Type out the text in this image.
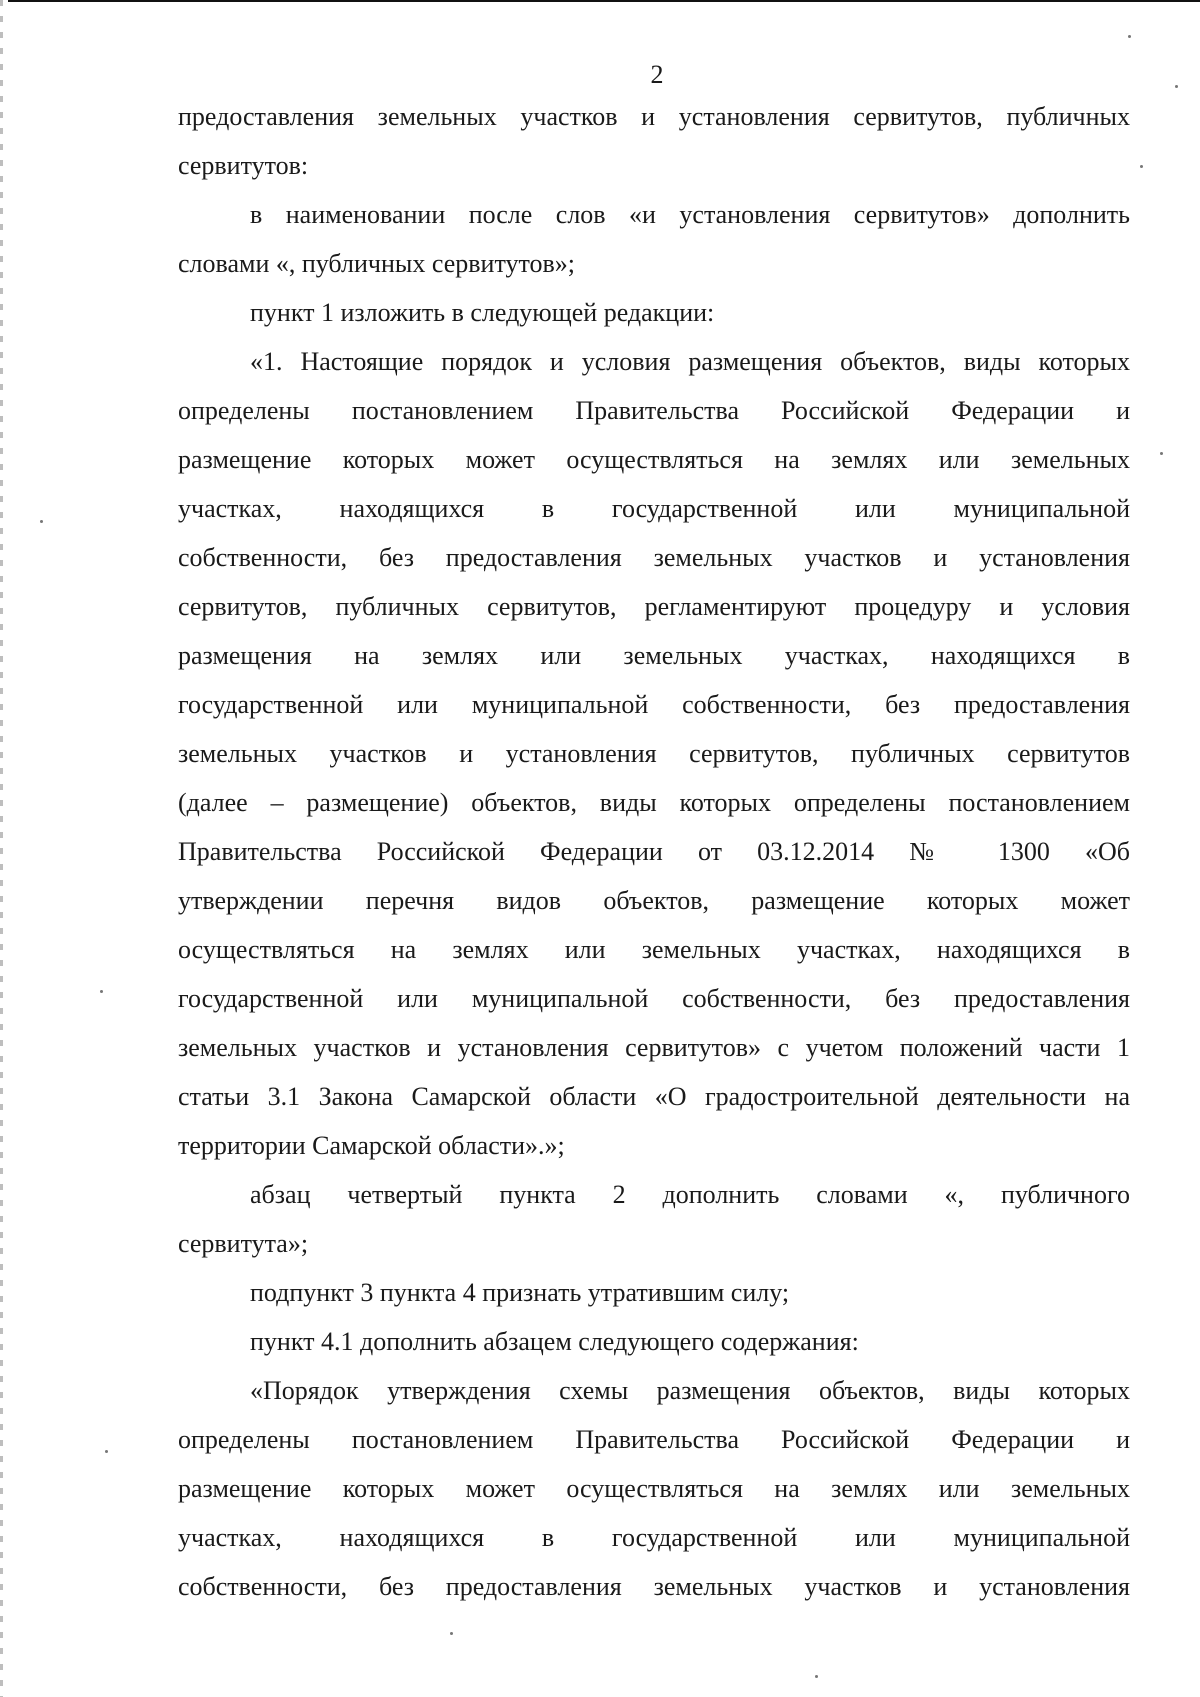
2
предоставления земельных участков и установления сервитутов, публичных
сервитутов:
в наименовании после слов «и установления сервитутов» дополнить
словами «, публичных сервитутов»;
пункт 1 изложить в следующей редакции:
«1. Настоящие порядок и условия размещения объектов, виды которых
определены постановлением Правительства Российской Федерации и
размещение которых может осуществляться на землях или земельных
участках, находящихся в государственной или муниципальной
собственности, без предоставления земельных участков и установления
сервитутов, публичных сервитутов, регламентируют процедуру и условия
размещения на землях или земельных участках, находящихся в
государственной или муниципальной собственности, без предоставления
земельных участков и установления сервитутов, публичных сервитутов
(далее – размещение) объектов, виды которых определены постановлением
Правительства Российской Федерации от 03.12.2014 № 1300 «Об
утверждении перечня видов объектов, размещение которых может
осуществляться на землях или земельных участках, находящихся в
государственной или муниципальной собственности, без предоставления
земельных участков и установления сервитутов» с учетом положений части 1
статьи 3.1 Закона Самарской области «О градостроительной деятельности на
территории Самарской области».»;
абзац четвертый пункта 2 дополнить словами «, публичного
сервитута»;
подпункт 3 пункта 4 признать утратившим силу;
пункт 4.1 дополнить абзацем следующего содержания:
«Порядок утверждения схемы размещения объектов, виды которых
определены постановлением Правительства Российской Федерации и
размещение которых может осуществляться на землях или земельных
участках, находящихся в государственной или муниципальной
собственности, без предоставления земельных участков и установления
